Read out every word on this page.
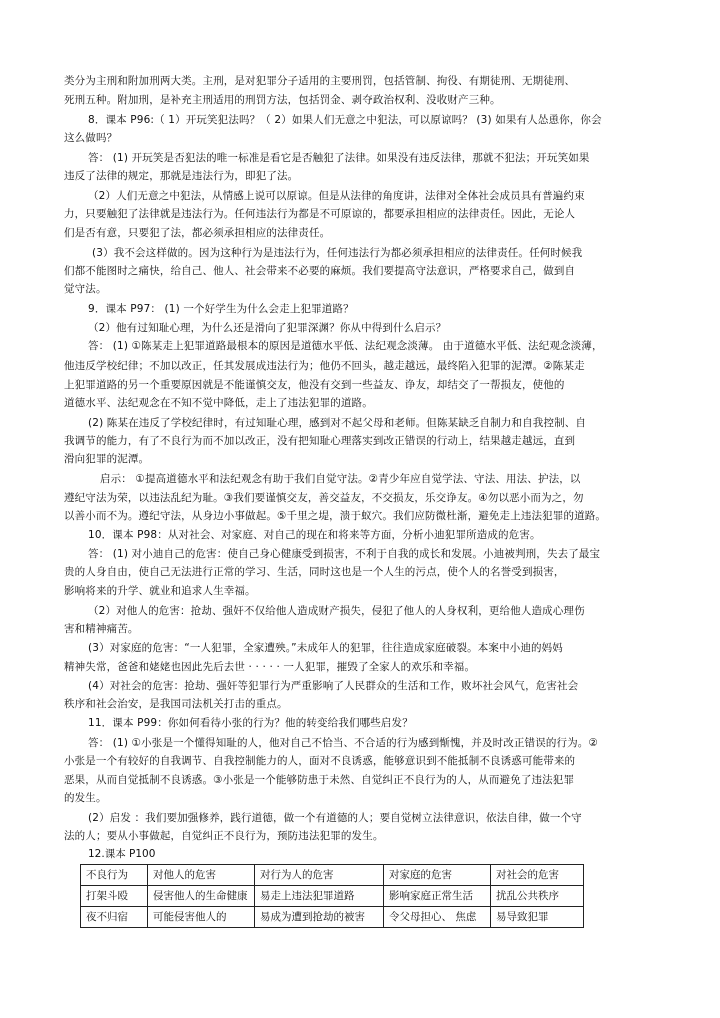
类分为主刑和附加刑两大类。主刑，是对犯罪分子适用的主要刑罚，包括管制、拘役、有期徒刑、无期徒刑、
死刑五种。附加刑，是补充主刑适用的刑罚方法，包括罚金、剥夺政治权利、没收财产三种。
8．课本 P96:（ 1）开玩笑犯法吗？（ 2）如果人们无意之中犯法，可以原谅吗？ (3) 如果有人怂恿你，你会
这么做吗？
答： (1) 开玩笑是否犯法的唯一标准是看它是否触犯了法律。如果没有违反法律，那就不犯法；开玩笑如果
违反了法律的规定，那就是违法行为，即犯了法。
（2）人们无意之中犯法，从情感上说可以原谅。但是从法律的角度讲，法律对全体社会成员具有普遍约束
力，只要触犯了法律就是违法行为。任何违法行为都是不可原谅的，都要承担相应的法律责任。因此，无论人
们是否有意，只要犯了法，都必须承担相应的法律责任。
(3）我不会这样做的。因为这种行为是违法行为，任何违法行为都必须承担相应的法律责任。任何时候我
们都不能图时之痛快，给自己、他人、社会带来不必要的麻烦。我们要提高守法意识，严格要求自己，做到自
觉守法。
9．课本 P97： (1) 一个好学生为什么会走上犯罪道路？
（2）他有过知耻心理，为什么还是滑向了犯罪深渊？你从中得到什么启示？
答： (1) ①陈某走上犯罪道路最根本的原因是道德水平低、法纪观念淡薄。 由于道德水平低、法纪观念淡薄，
他违反学校纪律；不加以改正，任其发展成违法行为；他仍不回头，越走越远，最终陷入犯罪的泥潭。②陈某走
上犯罪道路的另一个重要原因就是不能谨慎交友，他没有交到一些益友、诤友，却结交了一帮损友，使他的
道德水平、法纪观念在不知不觉中降低，走上了违法犯罪的道路。
(2) 陈某在违反了学校纪律时，有过知耻心理，感到对不起父母和老师。但陈某缺乏自制力和自我控制、自
我调节的能力，有了不良行为而不加以改正，没有把知耻心理落实到改正错误的行动上，结果越走越远，直到
滑向犯罪的泥潭。
启示： ①提高道德水平和法纪观念有助于我们自觉守法。②青少年应自觉学法、守法、用法、护法，以
遵纪守法为荣，以违法乱纪为耻。③我们要谨慎交友，善交益友，不交损友，乐交诤友。④勿以恶小而为之，勿
以善小而不为。遵纪守法，从身边小事做起。⑤千里之堤，溃于蚁穴。我们应防微杜渐，避免走上违法犯罪的道路。
10．课本 P98：从对社会、对家庭、对自己的现在和将来等方面，分析小迪犯罪所造成的危害。
答： (1) 对小迪自己的危害：使自己身心健康受到损害，不利于自我的成长和发展。小迪被判刑，失去了最宝
贵的人身自由，使自己无法进行正常的学习、生活，同时这也是一个人生的污点，使个人的名誉受到损害，
影响将来的升学、就业和追求人生幸福。
（2）对他人的危害：抢劫、强奸不仅给他人造成财产损失，侵犯了他人的人身权利，更给他人造成心理伤
害和精神痛苦。
(3）对家庭的危害：“一人犯罪，全家遭殃。”未成年人的犯罪，往往造成家庭破裂。本案中小迪的妈妈
精神失常，爸爸和姥姥也因此先后去世 · · · · · 一人犯罪，摧毁了全家人的欢乐和幸福。
(4）对社会的危害：抢劫、强奸等犯罪行为严重影响了人民群众的生活和工作，败坏社会风气，危害社会
秩序和社会治安，是我国司法机关打击的重点。
11．课本 P99：你如何看待小张的行为？他的转变给我们哪些启发？
答： (1) ①小张是一个懂得知耻的人，他对自己不恰当、不合适的行为感到惭愧，并及时改正错误的行为。②
小张是一个有较好的自我调节、自我控制能力的人，面对不良诱惑，能够意识到不能抵制不良诱惑可能带来的
恶果，从而自觉抵制不良诱惑。③小张是一个能够防患于未然、自觉纠正不良行为的人，从而避免了违法犯罪
的发生。
(2）启发 ：我们要加强修养，践行道德，做一个有道德的人；要自觉树立法律意识，依法自律，做一个守
法的人；要从小事做起，自觉纠正不良行为，预防违法犯罪的发生。
12.课本 P100
不良行为	对他人的危害	对行为人的危害	对家庭的危害	对社会的危害
打架斗殴	侵害他人的生命健康	易走上违法犯罪道路	影响家庭正常生活	扰乱公共秩序
夜不归宿	可能侵害他人的	易成为遭到抢劫的被害	令父母担心、 焦虑	易导致犯罪
